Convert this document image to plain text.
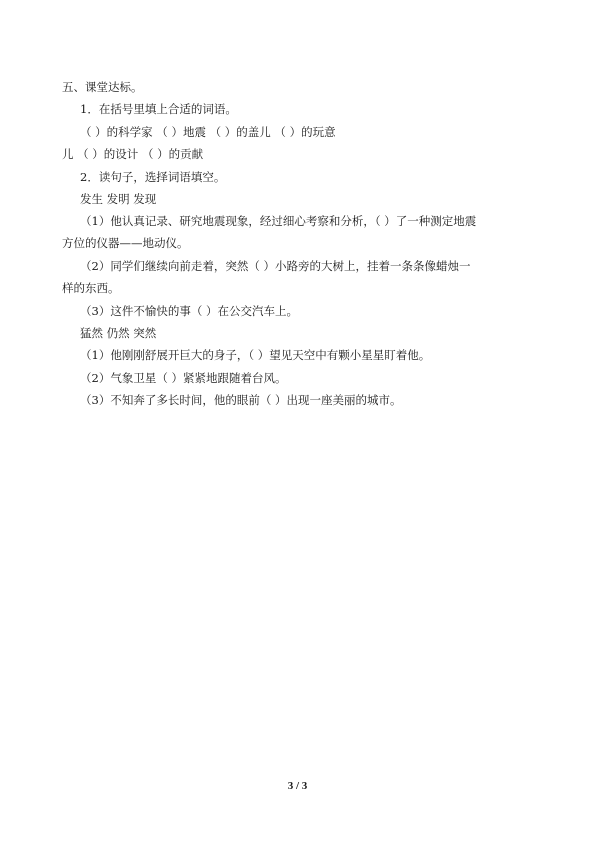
五、课堂达标。
1．在括号里填上合适的词语。
（ ）的科学家 （ ）地震 （ ）的盖儿 （ ）的玩意
儿 （ ）的设计 （ ）的贡献
2．读句子，选择词语填空。
发生 发明 发现
（1）他认真记录、研究地震现象，经过细心考察和分析，（ ）了一种测定地震
方位的仪器——地动仪。
（2）同学们继续向前走着，突然（ ）小路旁的大树上，挂着一条条像蜡烛一
样的东西。
（3）这件不愉快的事（ ）在公交汽车上。
猛然 仍然 突然
（1）他刚刚舒展开巨大的身子，（ ）望见天空中有颗小星星盯着他。
（2）气象卫星（ ）紧紧地跟随着台风。
（3）不知奔了多长时间，他的眼前（ ）出现一座美丽的城市。
3 / 3
